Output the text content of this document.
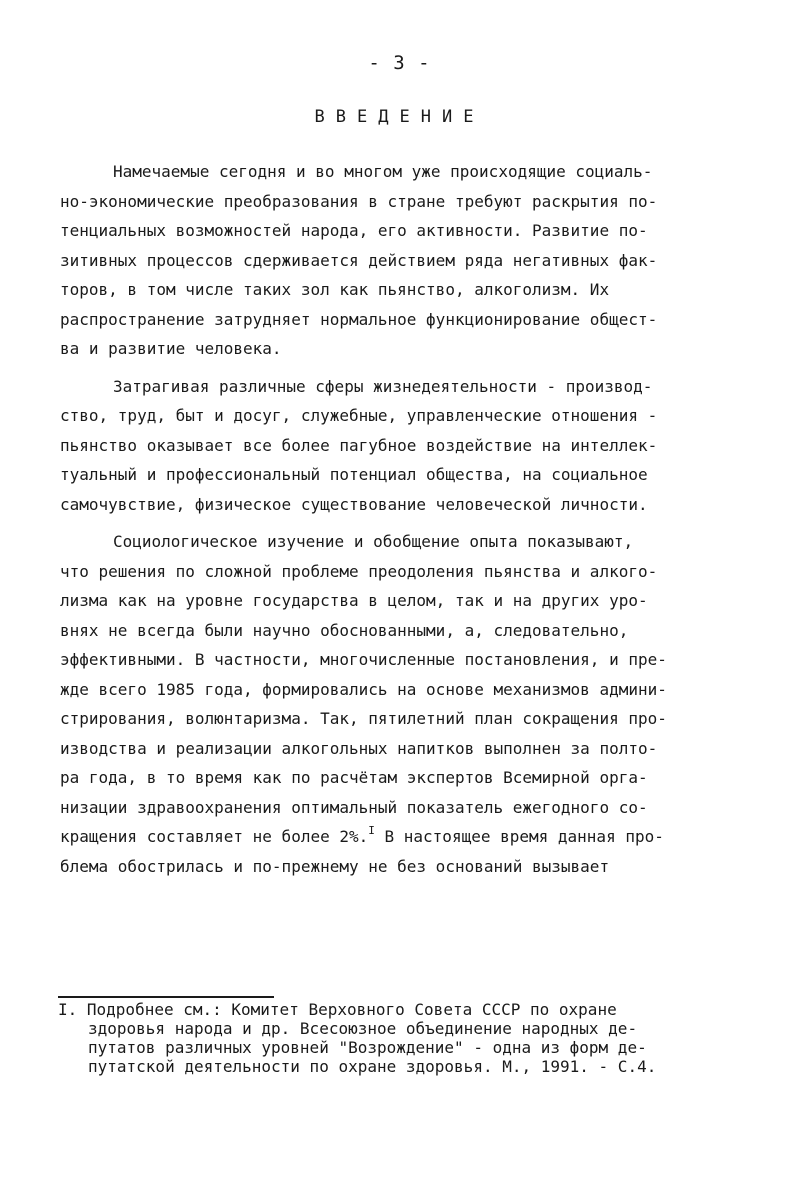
- 3 -
ВВЕДЕНИЕ
Намечаемые сегодня и во многом уже происходящие социаль-
но-экономические преобразования в стране требуют раскрытия по-
тенциальных возможностей народа, его активности. Развитие по-
зитивных процессов сдерживается действием ряда негативных фак-
торов, в том числе таких зол как пьянство, алкоголизм. Их
распространение затрудняет нормальное функционирование общест-
ва и развитие человека.
Затрагивая различные сферы жизнедеятельности - производ-
ство, труд, быт и досуг, служебные, управленческие отношения -
пьянство оказывает все более пагубное воздействие на интеллек-
туальный и профессиональный потенциал общества, на социальное
самочувствие, физическое существование человеческой личности.
Социологическое изучение и обобщение опыта показывают,
что решения по сложной проблеме преодоления пьянства и алкого-
лизма как на уровне государства в целом, так и на других уро-
внях не всегда были научно обоснованными, а, следовательно,
эффективными. В частности, многочисленные постановления, и пре-
жде всего 1985 года, формировались на основе механизмов админи-
стрирования, волюнтаризма. Так, пятилетний план сокращения про-
изводства и реализации алкогольных напитков выполнен за полто-
ра года, в то время как по расчётам экспертов Всемирной орга-
низации здравоохранения оптимальный показатель ежегодного со-
кращения составляет не более 2%.$^I$ В настоящее время данная про-
блема обострилась и по-прежнему не без оснований вызывает
I. Подробнее см.: Комитет Верховного Совета СССР по охране
здоровья народа и др. Всесоюзное объединение народных де-
путатов различных уровней "Возрождение" - одна из форм де-
путатской деятельности по охране здоровья. М., 1991. - С.4.
